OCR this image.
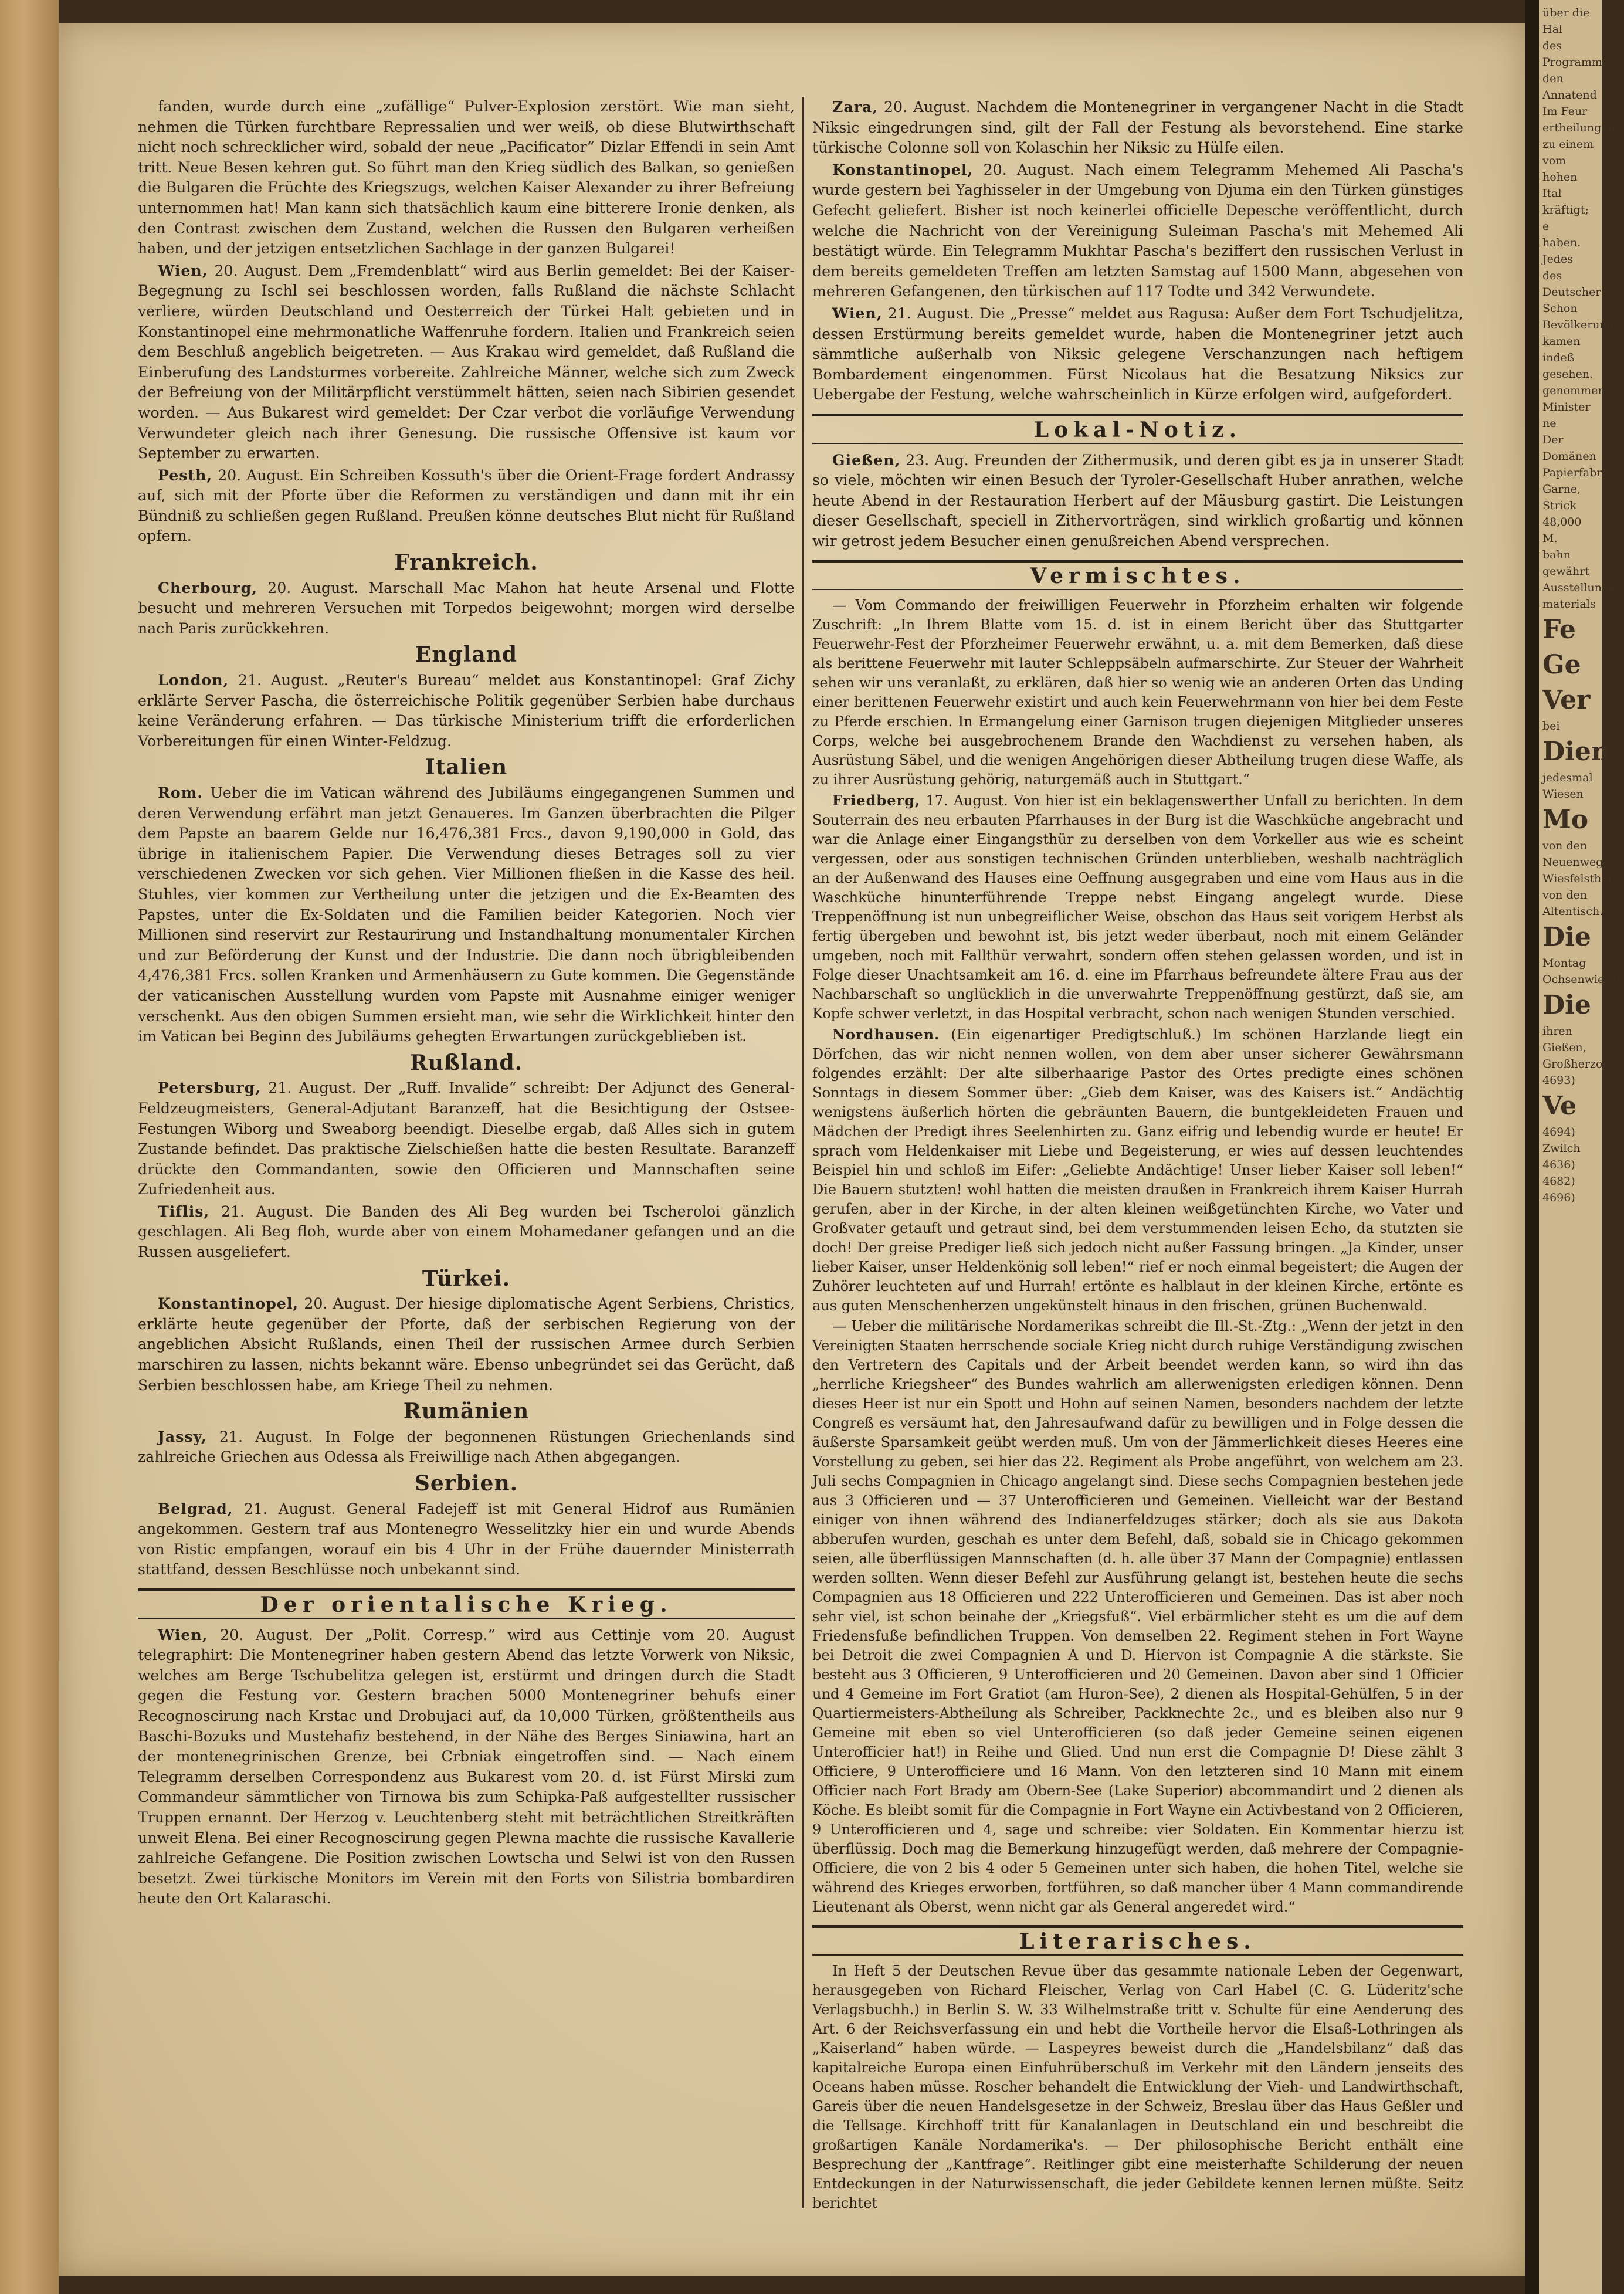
fanden, wurde durch eine „zufällige“ Pulver-Explosion zerstört. Wie man sieht, nehmen die Türken furchtbare Repressalien und wer weiß, ob diese Blutwirthschaft nicht noch schrecklicher wird, sobald der neue „Pacificator“ Dizlar Effendi in sein Amt tritt. Neue Besen kehren gut. So führt man den Krieg südlich des Balkan, so genießen die Bulgaren die Früchte des Kriegszugs, welchen Kaiser Alexander zu ihrer Befreiung unternommen hat! Man kann sich thatsächlich kaum eine bitterere Ironie denken, als den Contrast zwischen dem Zustand, welchen die Russen den Bulgaren verheißen haben, und der jetzigen entsetzlichen Sachlage in der ganzen Bulgarei!

Wien, 20. August. Dem „Fremdenblatt“ wird aus Berlin gemeldet: Bei der Kaiser-Begegnung zu Ischl sei beschlossen worden, falls Rußland die nächste Schlacht verliere, würden Deutschland und Oesterreich der Türkei Halt gebieten und in Konstantinopel eine mehrmonatliche Waffenruhe fordern. Italien und Frankreich seien dem Beschluß angeblich beigetreten. — Aus Krakau wird gemeldet, daß Rußland die Einberufung des Landsturmes vorbereite. Zahlreiche Männer, welche sich zum Zweck der Befreiung von der Militärpflicht verstümmelt hätten, seien nach Sibirien gesendet worden. — Aus Bukarest wird gemeldet: Der Czar verbot die vorläufige Verwendung Verwundeter gleich nach ihrer Genesung. Die russische Offensive ist kaum vor September zu erwarten.

Pesth, 20. August. Ein Schreiben Kossuth's über die Orient-Frage fordert Andrassy auf, sich mit der Pforte über die Reformen zu verständigen und dann mit ihr ein Bündniß zu schließen gegen Rußland. Preußen könne deutsches Blut nicht für Rußland opfern.

Frankreich.

Cherbourg, 20. August. Marschall Mac Mahon hat heute Arsenal und Flotte besucht und mehreren Versuchen mit Torpedos beigewohnt; morgen wird derselbe nach Paris zurückkehren.

England

London, 21. August. „Reuter's Bureau“ meldet aus Konstantinopel: Graf Zichy erklärte Server Pascha, die österreichische Politik gegenüber Serbien habe durchaus keine Veränderung erfahren. — Das türkische Ministerium trifft die erforderlichen Vorbereitungen für einen Winter-Feldzug.

Italien

Rom. Ueber die im Vatican während des Jubiläums eingegangenen Summen und deren Verwendung erfährt man jetzt Genaueres. Im Ganzen überbrachten die Pilger dem Papste an baarem Gelde nur 16,476,381 Frcs., davon 9,190,000 in Gold, das übrige in italienischem Papier. Die Verwendung dieses Betrages soll zu vier verschiedenen Zwecken vor sich gehen. Vier Millionen fließen in die Kasse des heil. Stuhles, vier kommen zur Vertheilung unter die jetzigen und die Ex-Beamten des Papstes, unter die Ex-Soldaten und die Familien beider Kategorien. Noch vier Millionen sind reservirt zur Restaurirung und Instandhaltung monumentaler Kirchen und zur Beförderung der Kunst und der Industrie. Die dann noch übrigbleibenden 4,476,381 Frcs. sollen Kranken und Armenhäusern zu Gute kommen. Die Gegenstände der vaticanischen Ausstellung wurden vom Papste mit Ausnahme einiger weniger verschenkt. Aus den obigen Summen ersieht man, wie sehr die Wirklichkeit hinter den im Vatican bei Beginn des Jubiläums gehegten Erwartungen zurückgeblieben ist.

Rußland.

Petersburg, 21. August. Der „Ruff. Invalide“ schreibt: Der Adjunct des General-Feldzeugmeisters, General-Adjutant Baranzeff, hat die Besichtigung der Ostsee-Festungen Wiborg und Sweaborg beendigt. Dieselbe ergab, daß Alles sich in gutem Zustande befindet. Das praktische Zielschießen hatte die besten Resultate. Baranzeff drückte den Commandanten, sowie den Officieren und Mannschaften seine Zufriedenheit aus.

Tiflis, 21. August. Die Banden des Ali Beg wurden bei Tscheroloi gänzlich geschlagen. Ali Beg floh, wurde aber von einem Mohamedaner gefangen und an die Russen ausgeliefert.

Türkei.

Konstantinopel, 20. August. Der hiesige diplomatische Agent Serbiens, Christics, erklärte heute gegenüber der Pforte, daß der serbischen Regierung von der angeblichen Absicht Rußlands, einen Theil der russischen Armee durch Serbien marschiren zu lassen, nichts bekannt wäre. Ebenso unbegründet sei das Gerücht, daß Serbien beschlossen habe, am Kriege Theil zu nehmen.

Rumänien

Jassy, 21. August. In Folge der begonnenen Rüstungen Griechenlands sind zahlreiche Griechen aus Odessa als Freiwillige nach Athen abgegangen.

Serbien.

Belgrad, 21. August. General Fadejeff ist mit General Hidrof aus Rumänien angekommen. Gestern traf aus Montenegro Wesselitzky hier ein und wurde Abends von Ristic empfangen, worauf ein bis 4 Uhr in der Frühe dauernder Ministerrath stattfand, dessen Beschlüsse noch unbekannt sind.

Der orientalische Krieg.

Wien, 20. August. Der „Polit. Corresp.“ wird aus Cettinje vom 20. August telegraphirt: Die Montenegriner haben gestern Abend das letzte Vorwerk von Niksic, welches am Berge Tschubelitza gelegen ist, erstürmt und dringen durch die Stadt gegen die Festung vor. Gestern brachen 5000 Montenegriner behufs einer Recognoscirung nach Krstac und Drobujaci auf, da 10,000 Türken, größtentheils aus Baschi-Bozuks und Mustehafiz bestehend, in der Nähe des Berges Siniawina, hart an der montenegrinischen Grenze, bei Crbniak eingetroffen sind. — Nach einem Telegramm derselben Correspondenz aus Bukarest vom 20. d. ist Fürst Mirski zum Commandeur sämmtlicher von Tirnowa bis zum Schipka-Paß aufgestellter russischer Truppen ernannt. Der Herzog v. Leuchtenberg steht mit beträchtlichen Streitkräften unweit Elena. Bei einer Recognoscirung gegen Plewna machte die russische Kavallerie zahlreiche Gefangene. Die Position zwischen Lowtscha und Selwi ist von den Russen besetzt. Zwei türkische Monitors im Verein mit den Forts von Silistria bombardiren heute den Ort Kalaraschi.

Zara, 20. August. Nachdem die Montenegriner in vergangener Nacht in die Stadt Niksic eingedrungen sind, gilt der Fall der Festung als bevorstehend. Eine starke türkische Colonne soll von Kolaschin her Niksic zu Hülfe eilen.

Konstantinopel, 20. August. Nach einem Telegramm Mehemed Ali Pascha's wurde gestern bei Yaghisseler in der Umgebung von Djuma ein den Türken günstiges Gefecht geliefert. Bisher ist noch keinerlei officielle Depesche veröffentlicht, durch welche die Nachricht von der Vereinigung Suleiman Pascha's mit Mehemed Ali bestätigt würde. Ein Telegramm Mukhtar Pascha's beziffert den russischen Verlust in dem bereits gemeldeten Treffen am letzten Samstag auf 1500 Mann, abgesehen von mehreren Gefangenen, den türkischen auf 117 Todte und 342 Verwundete.

Wien, 21. August. Die „Presse“ meldet aus Ragusa: Außer dem Fort Tschudjelitza, dessen Erstürmung bereits gemeldet wurde, haben die Montenegriner jetzt auch sämmtliche außerhalb von Niksic gelegene Verschanzungen nach heftigem Bombardement eingenommen. Fürst Nicolaus hat die Besatzung Niksics zur Uebergabe der Festung, welche wahrscheinlich in Kürze erfolgen wird, aufgefordert.

Lokal-Notiz.

Gießen, 23. Aug. Freunden der Zithermusik, und deren gibt es ja in unserer Stadt so viele, möchten wir einen Besuch der Tyroler-Gesellschaft Huber anrathen, welche heute Abend in der Restauration Herbert auf der Mäusburg gastirt. Die Leistungen dieser Gesellschaft, speciell in Zithervorträgen, sind wirklich großartig und können wir getrost jedem Besucher einen genußreichen Abend versprechen.

Vermischtes.

— Vom Commando der freiwilligen Feuerwehr in Pforzheim erhalten wir folgende Zuschrift: „In Ihrem Blatte vom 15. d. ist in einem Bericht über das Stuttgarter Feuerwehr-Fest der Pforzheimer Feuerwehr erwähnt, u. a. mit dem Bemerken, daß diese als berittene Feuerwehr mit lauter Schleppsäbeln aufmarschirte. Zur Steuer der Wahrheit sehen wir uns veranlaßt, zu erklären, daß hier so wenig wie an anderen Orten das Unding einer berittenen Feuerwehr existirt und auch kein Feuerwehrmann von hier bei dem Feste zu Pferde erschien. In Ermangelung einer Garnison trugen diejenigen Mitglieder unseres Corps, welche bei ausgebrochenem Brande den Wachdienst zu versehen haben, als Ausrüstung Säbel, und die wenigen Angehörigen dieser Abtheilung trugen diese Waffe, als zu ihrer Ausrüstung gehörig, naturgemäß auch in Stuttgart.“

Friedberg, 17. August. Von hier ist ein beklagenswerther Unfall zu berichten. In dem Souterrain des neu erbauten Pfarrhauses in der Burg ist die Waschküche angebracht und war die Anlage einer Eingangsthür zu derselben von dem Vorkeller aus wie es scheint vergessen, oder aus sonstigen technischen Gründen unterblieben, weshalb nachträglich an der Außenwand des Hauses eine Oeffnung ausgegraben und eine vom Haus aus in die Waschküche hinunterführende Treppe nebst Eingang angelegt wurde. Diese Treppenöffnung ist nun unbegreiflicher Weise, obschon das Haus seit vorigem Herbst als fertig übergeben und bewohnt ist, bis jetzt weder überbaut, noch mit einem Geländer umgeben, noch mit Fallthür verwahrt, sondern offen stehen gelassen worden, und ist in Folge dieser Unachtsamkeit am 16. d. eine im Pfarrhaus befreundete ältere Frau aus der Nachbarschaft so unglücklich in die unverwahrte Treppenöffnung gestürzt, daß sie, am Kopfe schwer verletzt, in das Hospital verbracht, schon nach wenigen Stunden verschied.

Nordhausen. (Ein eigenartiger Predigtschluß.) Im schönen Harzlande liegt ein Dörfchen, das wir nicht nennen wollen, von dem aber unser sicherer Gewährsmann folgendes erzählt: Der alte silberhaarige Pastor des Ortes predigte eines schönen Sonntags in diesem Sommer über: „Gieb dem Kaiser, was des Kaisers ist.“ Andächtig wenigstens äußerlich hörten die gebräunten Bauern, die buntgekleideten Frauen und Mädchen der Predigt ihres Seelenhirten zu. Ganz eifrig und lebendig wurde er heute! Er sprach vom Heldenkaiser mit Liebe und Begeisterung, er wies auf dessen leuchtendes Beispiel hin und schloß im Eifer: „Geliebte Andächtige! Unser lieber Kaiser soll leben!“ Die Bauern stutzten! wohl hatten die meisten draußen in Frankreich ihrem Kaiser Hurrah gerufen, aber in der Kirche, in der alten kleinen weißgetünchten Kirche, wo Vater und Großvater getauft und getraut sind, bei dem verstummenden leisen Echo, da stutzten sie doch! Der greise Prediger ließ sich jedoch nicht außer Fassung bringen. „Ja Kinder, unser lieber Kaiser, unser Heldenkönig soll leben!“ rief er noch einmal begeistert; die Augen der Zuhörer leuchteten auf und Hurrah! ertönte es halblaut in der kleinen Kirche, ertönte es aus guten Menschenherzen ungekünstelt hinaus in den frischen, grünen Buchenwald.

— Ueber die militärische Nordamerikas schreibt die Ill.-St.-Ztg.: „Wenn der jetzt in den Vereinigten Staaten herrschende sociale Krieg nicht durch ruhige Verständigung zwischen den Vertretern des Capitals und der Arbeit beendet werden kann, so wird ihn das „herrliche Kriegsheer“ des Bundes wahrlich am allerwenigsten erledigen können. Denn dieses Heer ist nur ein Spott und Hohn auf seinen Namen, besonders nachdem der letzte Congreß es versäumt hat, den Jahresaufwand dafür zu bewilligen und in Folge dessen die äußerste Sparsamkeit geübt werden muß. Um von der Jämmerlichkeit dieses Heeres eine Vorstellung zu geben, sei hier das 22. Regiment als Probe angeführt, von welchem am 23. Juli sechs Compagnien in Chicago angelangt sind. Diese sechs Compagnien bestehen jede aus 3 Officieren und — 37 Unterofficieren und Gemeinen. Vielleicht war der Bestand einiger von ihnen während des Indianerfeldzuges stärker; doch als sie aus Dakota abberufen wurden, geschah es unter dem Befehl, daß, sobald sie in Chicago gekommen seien, alle überflüssigen Mannschaften (d. h. alle über 37 Mann der Compagnie) entlassen werden sollten. Wenn dieser Befehl zur Ausführung gelangt ist, bestehen heute die sechs Compagnien aus 18 Officieren und 222 Unterofficieren und Gemeinen. Das ist aber noch sehr viel, ist schon beinahe der „Kriegsfuß“. Viel erbärmlicher steht es um die auf dem Friedensfuße befindlichen Truppen. Von demselben 22. Regiment stehen in Fort Wayne bei Detroit die zwei Compagnien A und D. Hiervon ist Compagnie A die stärkste. Sie besteht aus 3 Officieren, 9 Unterofficieren und 20 Gemeinen. Davon aber sind 1 Officier und 4 Gemeine im Fort Gratiot (am Huron-See), 2 dienen als Hospital-Gehülfen, 5 in der Quartiermeisters-Abtheilung als Schreiber, Packknechte 2c., und es bleiben also nur 9 Gemeine mit eben so viel Unterofficieren (so daß jeder Gemeine seinen eigenen Unterofficier hat!) in Reihe und Glied. Und nun erst die Compagnie D! Diese zählt 3 Officiere, 9 Unterofficiere und 16 Mann. Von den letzteren sind 10 Mann mit einem Officier nach Fort Brady am Obern-See (Lake Superior) abcommandirt und 2 dienen als Köche. Es bleibt somit für die Compagnie in Fort Wayne ein Activbestand von 2 Officieren, 9 Unterofficieren und 4, sage und schreibe: vier Soldaten. Ein Kommentar hierzu ist überflüssig. Doch mag die Bemerkung hinzugefügt werden, daß mehrere der Compagnie-Officiere, die von 2 bis 4 oder 5 Gemeinen unter sich haben, die hohen Titel, welche sie während des Krieges erworben, fortführen, so daß mancher über 4 Mann commandirende Lieutenant als Oberst, wenn nicht gar als General angeredet wird.“

Literarisches.

In Heft 5 der Deutschen Revue über das gesammte nationale Leben der Gegenwart, herausgegeben von Richard Fleischer, Verlag von Carl Habel (C. G. Lüderitz'sche Verlagsbuchh.) in Berlin S. W. 33 Wilhelmstraße tritt v. Schulte für eine Aenderung des Art. 6 der Reichsverfassung ein und hebt die Vortheile hervor die Elsaß-Lothringen als „Kaiserland“ haben würde. — Laspeyres beweist durch die „Handelsbilanz“ daß das kapitalreiche Europa einen Einfuhrüberschuß im Verkehr mit den Ländern jenseits des Oceans haben müsse. Roscher behandelt die Entwicklung der Vieh- und Landwirthschaft, Gareis über die neuen Handelsgesetze in der Schweiz, Breslau über das Haus Geßler und die Tellsage. Kirchhoff tritt für Kanalanlagen in Deutschland ein und beschreibt die großartigen Kanäle Nordamerika's. — Der philosophische Bericht enthält eine Besprechung der „Kantfrage“. Reitlinger gibt eine meisterhafte Schilderung der neuen Entdeckungen in der Naturwissenschaft, die jeder Gebildete kennen lernen müßte. Seitz berichtet

über die Hal

des Programm

den Annatend

Im Feur

ertheilungen

zu einem vom

hohen Ital

kräftigt; e

haben.

Jedes

des Deutscher

Schon

Bevölkerung

kamen indeß

gesehen.

genommen.

Minister ne

Der Domänen

Papierfabrik

Garne, Strick

48,000 M.

bahn gewährt

Ausstellungs

materials

Fe

Ge

Ver

bei

Dien

jedesmal

Wiesen

Mo

von den

Neuenweger

Wiesfelsthal

von den

Altentisch.

Die

Montag

Ochsenwiesen

Die

ihren

Gießen,

Großherzog

4693)

Ve

4694)

Zwilch

4636)

4682)

4696)
